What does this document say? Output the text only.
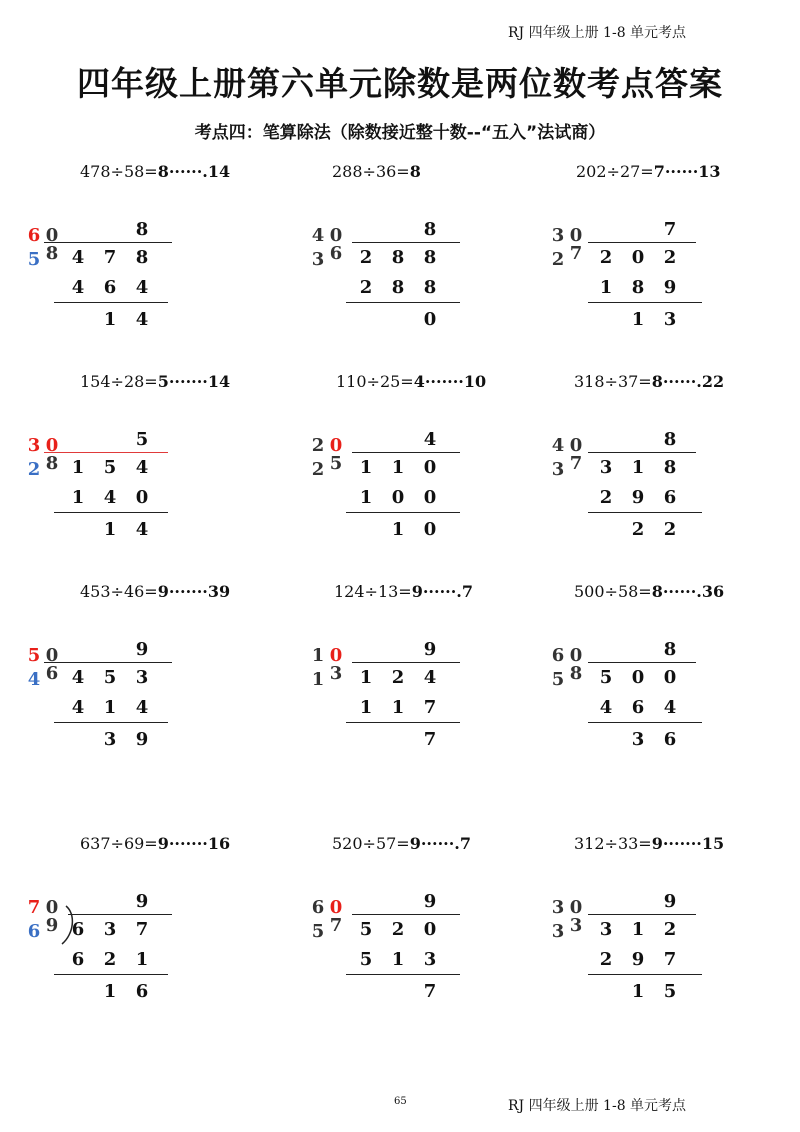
RJ 四年级上册 1-8 单元考点
四年级上册第六单元除数是两位数考点答案
考点四：笔算除法（除数接近整十数--“五入”法试商）
478÷58=8······.14
6 0
5 8
8
4 7 8
4 6 4
1 4
288÷36=8
4 0
3 6
8
2 8 8
2 8 8
0
202÷27=7······13
3 0
2 7
7
2 0 2
1 8 9
1 3
154÷28=5·······14
3 0
2 8
5
1 5 4
1 4 0
1 4
110÷25=4·······10
2 0
2 5
4
1 1 0
1 0 0
1 0
318÷37=8······.22
4 0
3 7
8
3 1 8
2 9 6
2 2
453÷46=9·······39
5 0
4 6
9
4 5 3
4 1 4
3 9
124÷13=9······.7
1 0
1 3
9
1 2 4
1 1 7
7
500÷58=8······.36
6 0
5 8
8
5 0 0
4 6 4
3 6
637÷69=9·······16
7 0
6 9
9
6 3 7
6 2 1
1 6
520÷57=9······.7
6 0
5 7
9
5 2 0
5 1 3
7
312÷33=9·······15
3 0
3 3
9
3 1 2
2 9 7
1 5
65	RJ 四年级上册 1-8 单元考点
